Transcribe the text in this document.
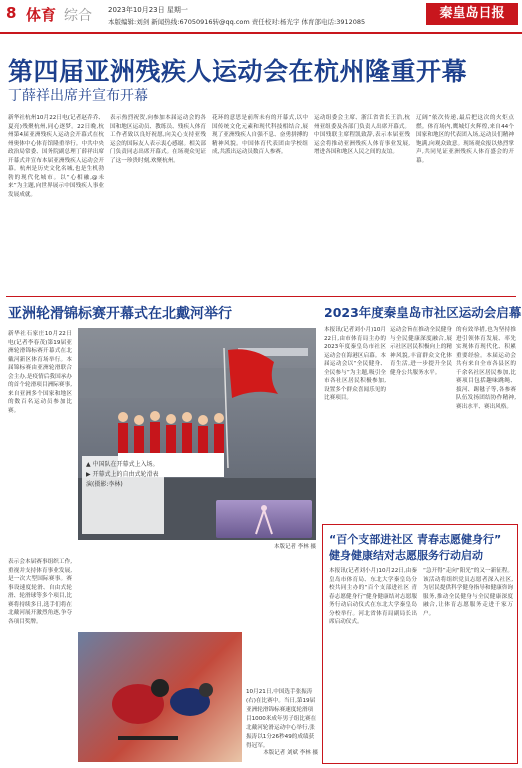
8 体育 综合 2023年10月23日 星期一
本版编辑:刘剑 新闻热线:67050916转@qq.com 责任校对:杨光宇 体育部电话:3912085
秦皇岛日报
第四届亚洲残疾人运动会在杭州隆重开幕
丁薛祥出席并宣布开幕
新华社杭州10月22日电(记者赵乔乔、夏亮)残聚杭州,同心逐梦。22日晚,杭州第4届亚洲残疾人运动会开幕式在杭州奥体中心体育馆隆重举行。中共中央政治局常委、国务院副总理丁薛祥出席开幕式并宣布本届亚洲残疾人运动会开幕。杭州是历史文化名城,也是生机勃勃的现代化城市。以“心相融,@未来”为主题,向世界展示中国残疾人事业发展成就。
表示热烈祝贺,向参加本届运动会的各国和地区运动员、教练员、残疾人体育工作者致以良好祝愿,向关心支持亚残运会的国际友人表示衷心感谢。相关部门负责同志出席开幕式。在场观众见证了这一珍贵时刻,欢聚杭州。
花环的意思是前所未有的开幕式,以中国传统文化元素和现代科技相结合,展现了亚洲残疾人自强不息、奋勇拼搏的精神风貌。中国体育代表团由学校组成,共派出运动员数百人参赛。
运动组委会主席、浙江省省长王浩,杭州亚组委及各部门负责人出席开幕式。中国残联主席程凯致辞,表示本届亚残运会将推动亚洲残疾人体育事业发展,增进各国和地区人民之间的友谊。
辽阔”依次传递,最后把这次的火炬点燃。体育场内,鹰城灯火辉煌,来自44个国家和地区的代表团入场,运动员们精神饱满,向观众致意。现场观众报以热烈掌声,共同见证亚洲残疾人体育盛会的开幕。
亚洲轮滑锦标赛开幕式在北戴河举行
新华社石家庄10月22日电(记者李春茂)第19届亚洲轮滑锦标赛开幕式在北戴河新区体育场举行。本届锦标赛由亚洲轮滑联合会主办,是疫情后我国承办的首个轮滑项目洲际赛事,来自亚洲多个国家和地区的数百名运动员参加比赛。
表示会本届赛事组织工作,重视并支持体育事业发展,是一次大型国际赛事。赛事设速度轮滑、自由式轮滑、轮滑球等多个项目,比赛将持续多日,选手们将在北戴河展开激烈角逐,争夺各项目奖牌。
▲ 中国队在开幕式上入场。▶ 开幕式上的自由式轮滑表演(摄影:李林)
本版记者 李林 摄
10月21日,中国选手张振涛(右)在比赛中。当日,第19届亚洲轮滑锦标赛速度轮滑项目1000米成年男子组比赛在北戴河轮滑运动中心举行,张振涛以1分26秒49的成绩获得冠军。
本版记者 刘斌 李林 摄
2023年度秦皇岛市社区运动会启幕
本报讯(记者刘小月)10月22日,由市体育局主办的2023年度秦皇岛市社区运动会在海港区启幕。本届运动会以“全民健身、全民参与”为主题,吸引全市各社区居民积极参加,设置多个群众喜闻乐见的比赛项目。
运动会旨在推动全民健身与全民健康深度融合,展示社区居民积极向上的精神风貌,丰富群众文化体育生活,进一步提升全民健身公共服务水平。
的有效举措,也为坚持推进引领体育发展、率先实现体育现代化、积累重要经验。本届运动会共有来自全市各县区的千余名社区居民参加,比赛项目包括趣味跳绳、拔河、踢毽子等,各参赛队伍发扬团结协作精神,赛出水平、赛出风格。
“百个支部进社区 青春志愿健身行”
健身健康结对志愿服务行动启动
本报讯(记者刘小月)10月22日,由秦皇岛市体育局、东北大学秦皇岛分校共同主办的“百个支部进社区 青春志愿健身行”健身健康结对志愿服务行动启动仪式在东北大学秦皇岛分校举行。河北省体育局副局长出席启动仪式。
“急开得”走向“阳光”的又一新征程。该活动将组织党员志愿者深入社区,为居民提供科学健身指导和健康咨询服务,推动全民健身与全民健康深度融合,让体育志愿服务走进千家万户。
